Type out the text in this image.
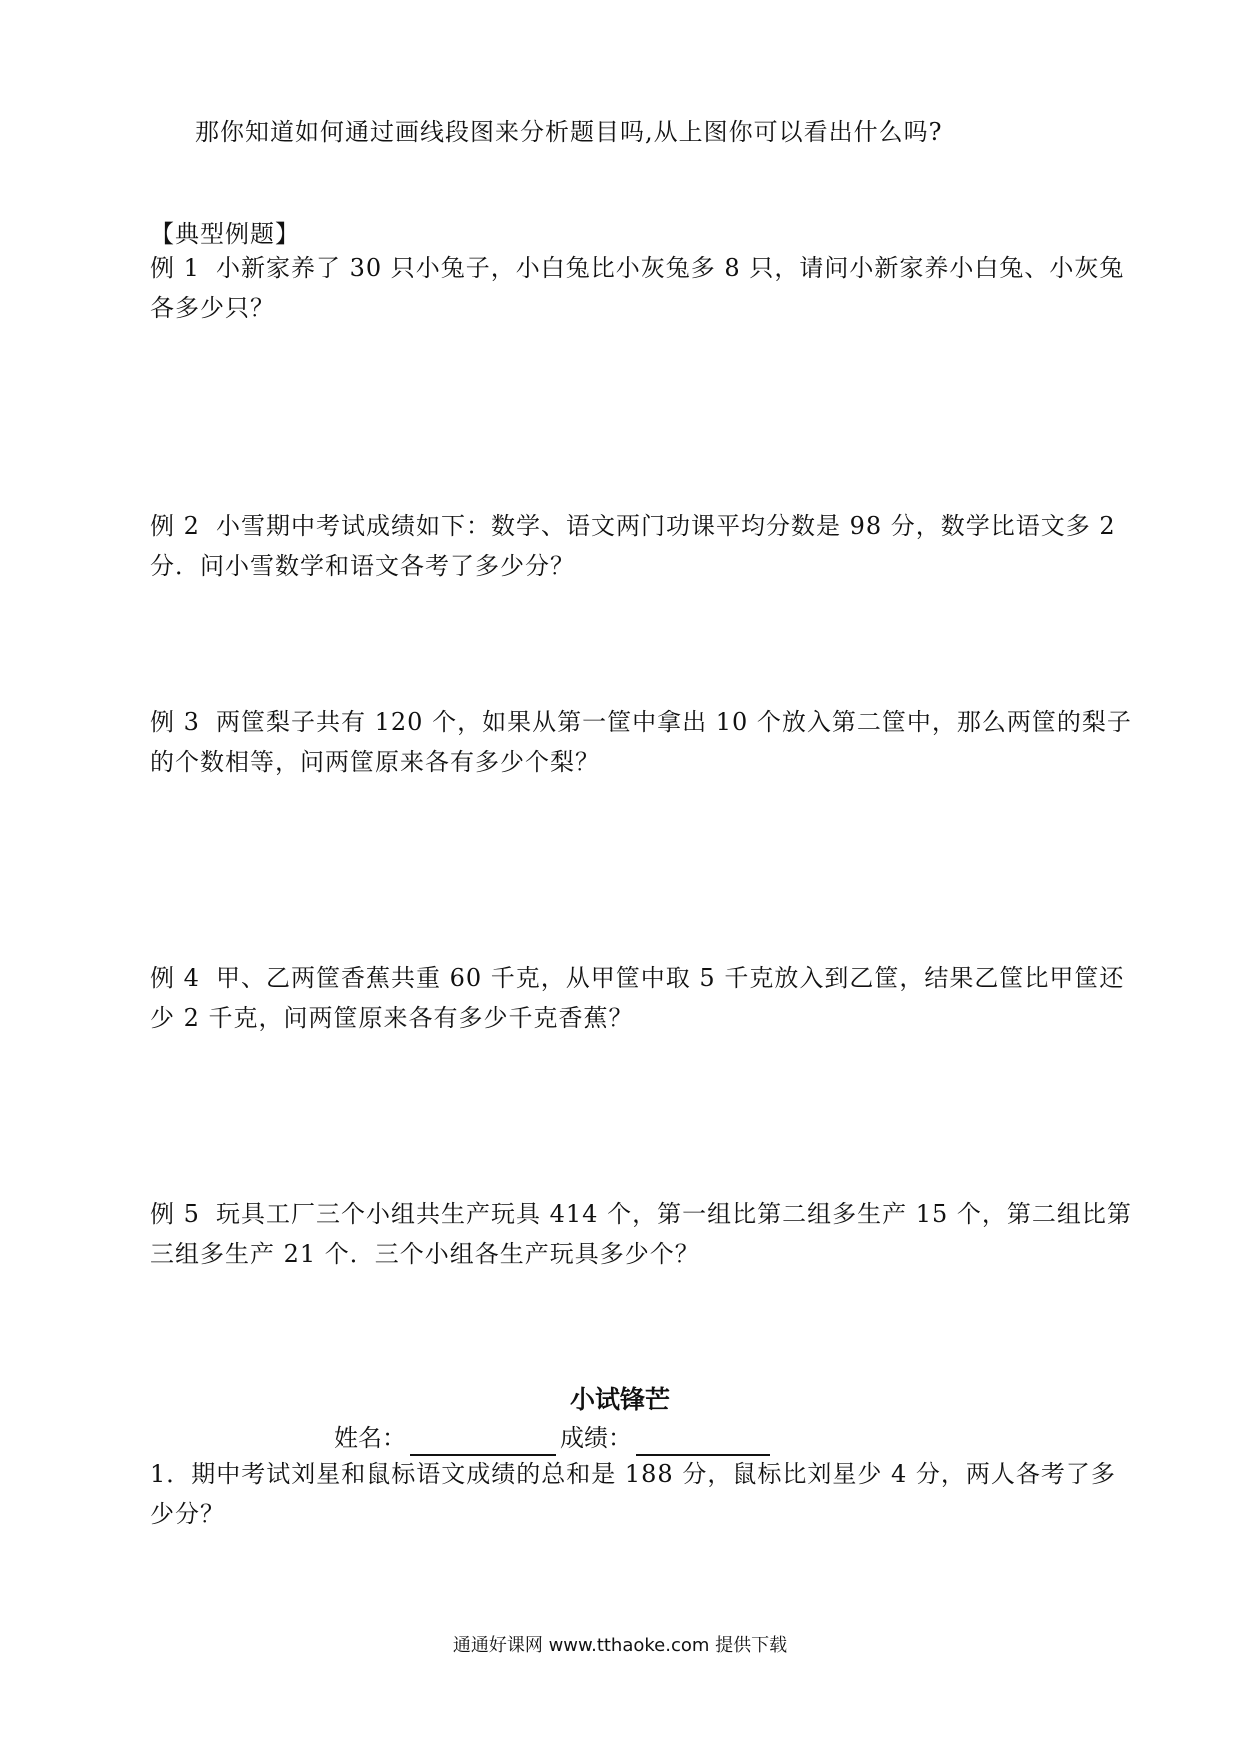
那你知道如何通过画线段图来分析题目吗,从上图你可以看出什么吗?
【典型例题】
例 1 小新家养了 30 只小兔子，小白兔比小灰兔多 8 只，请问小新家养小白兔、小灰兔
各多少只？
例 2 小雪期中考试成绩如下：数学、语文两门功课平均分数是 98 分，数学比语文多 2
分．问小雪数学和语文各考了多少分？
例 3 两筐梨子共有 120 个，如果从第一筐中拿出 10 个放入第二筐中，那么两筐的梨子
的个数相等，问两筐原来各有多少个梨？
例 4 甲、乙两筐香蕉共重 60 千克，从甲筐中取 5 千克放入到乙筐，结果乙筐比甲筐还
少 2 千克，问两筐原来各有多少千克香蕉？
例 5 玩具工厂三个小组共生产玩具 414 个，第一组比第二组多生产 15 个，第二组比第
三组多生产 21 个．三个小组各生产玩具多少个？
小试锋芒
姓名：	成绩：
1．期中考试刘星和鼠标语文成绩的总和是 188 分，鼠标比刘星少 4 分，两人各考了多
少分？
通通好课网 www.tthaoke.com 提供下载
